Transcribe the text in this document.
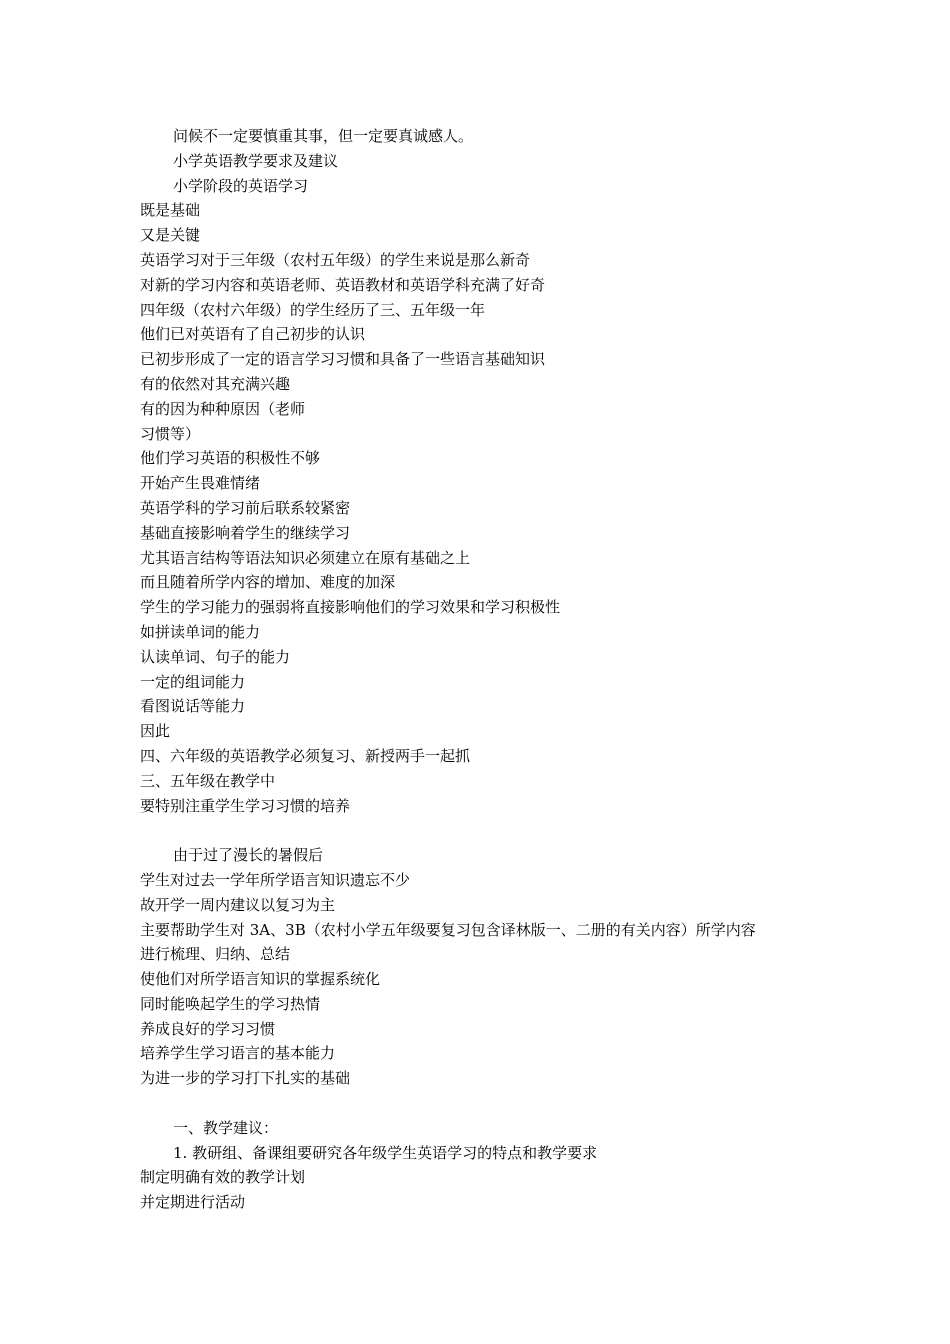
问候不一定要慎重其事，但一定要真诚感人。
小学英语教学要求及建议
小学阶段的英语学习
既是基础
又是关键
英语学习对于三年级（农村五年级）的学生来说是那么新奇
对新的学习内容和英语老师、英语教材和英语学科充满了好奇
四年级（农村六年级）的学生经历了三、五年级一年
他们已对英语有了自己初步的认识
已初步形成了一定的语言学习习惯和具备了一些语言基础知识
有的依然对其充满兴趣
有的因为种种原因（老师
习惯等）
他们学习英语的积极性不够
开始产生畏难情绪
英语学科的学习前后联系较紧密
基础直接影响着学生的继续学习
尤其语言结构等语法知识必须建立在原有基础之上
而且随着所学内容的增加、难度的加深
学生的学习能力的强弱将直接影响他们的学习效果和学习积极性
如拼读单词的能力
认读单词、句子的能力
一定的组词能力
看图说话等能力
因此
四、六年级的英语教学必须复习、新授两手一起抓
三、五年级在教学中
要特别注重学生学习习惯的培养
由于过了漫长的暑假后
学生对过去一学年所学语言知识遗忘不少
故开学一周内建议以复习为主
主要帮助学生对 3A、3B（农村小学五年级要复习包含译林版一、二册的有关内容）所学内容
进行梳理、归纳、总结
使他们对所学语言知识的掌握系统化
同时能唤起学生的学习热情
养成良好的学习习惯
培养学生学习语言的基本能力
为进一步的学习打下扎实的基础
一、教学建议：
1. 教研组、备课组要研究各年级学生英语学习的特点和教学要求
制定明确有效的教学计划
并定期进行活动
